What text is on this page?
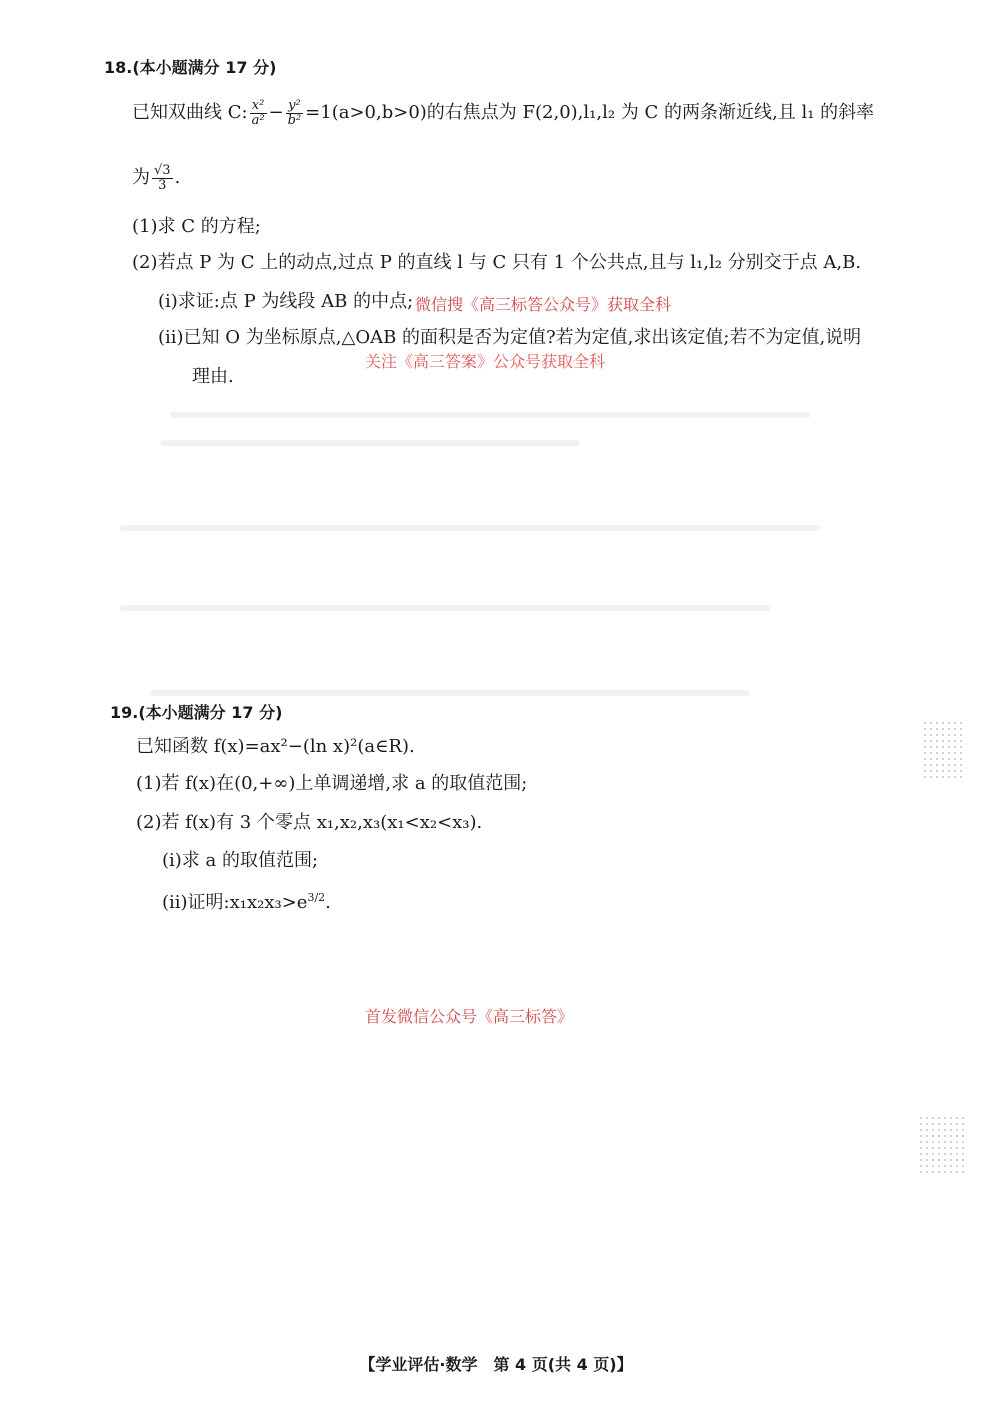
18.(本小题满分 17 分)
已知双曲线 C: $\frac{\text{x²}}{\text{a²}} - \frac{\text{y²}}{\text{b²}} =1(a>0,b>0)$的右焦点为 F(2,0),l₁,l₂ 为 C 的两条渐近线,且 l₁ 的斜率
为 $\frac{√3}{3}$ .
(1)求 C 的方程;
(2)若点 P 为 C 上的动点,过点 P 的直线 l 与 C 只有 1 个公共点,且与 l₁,l₂ 分别交于点 A,B.
(ⅰ)求证:点 P 为线段 AB 的中点; 微信搜《高三标答公众号》获取全科
(ⅱ)已知 O 为坐标原点,△OAB 的面积是否为定值?若为定值,求出该定值;若不为定值,说明
关注《高三答案》公众号获取全科
理由.
19.(本小题满分 17 分)
已知函数 f(x)=ax²−(ln x)²(a∈R).
(1)若 f(x)在(0,+∞)上单调递增,求 a 的取值范围;
(2)若 f(x)有 3 个零点 x₁,x₂,x₃(x₁<x₂<x₃).
(ⅰ)求 a 的取值范围;
(ⅱ)证明$:x_1x_2x_3>e^{3/2}$.
首发微信公众号《高三标答》
【学业评估·数学　第 4 页(共 4 页)】
